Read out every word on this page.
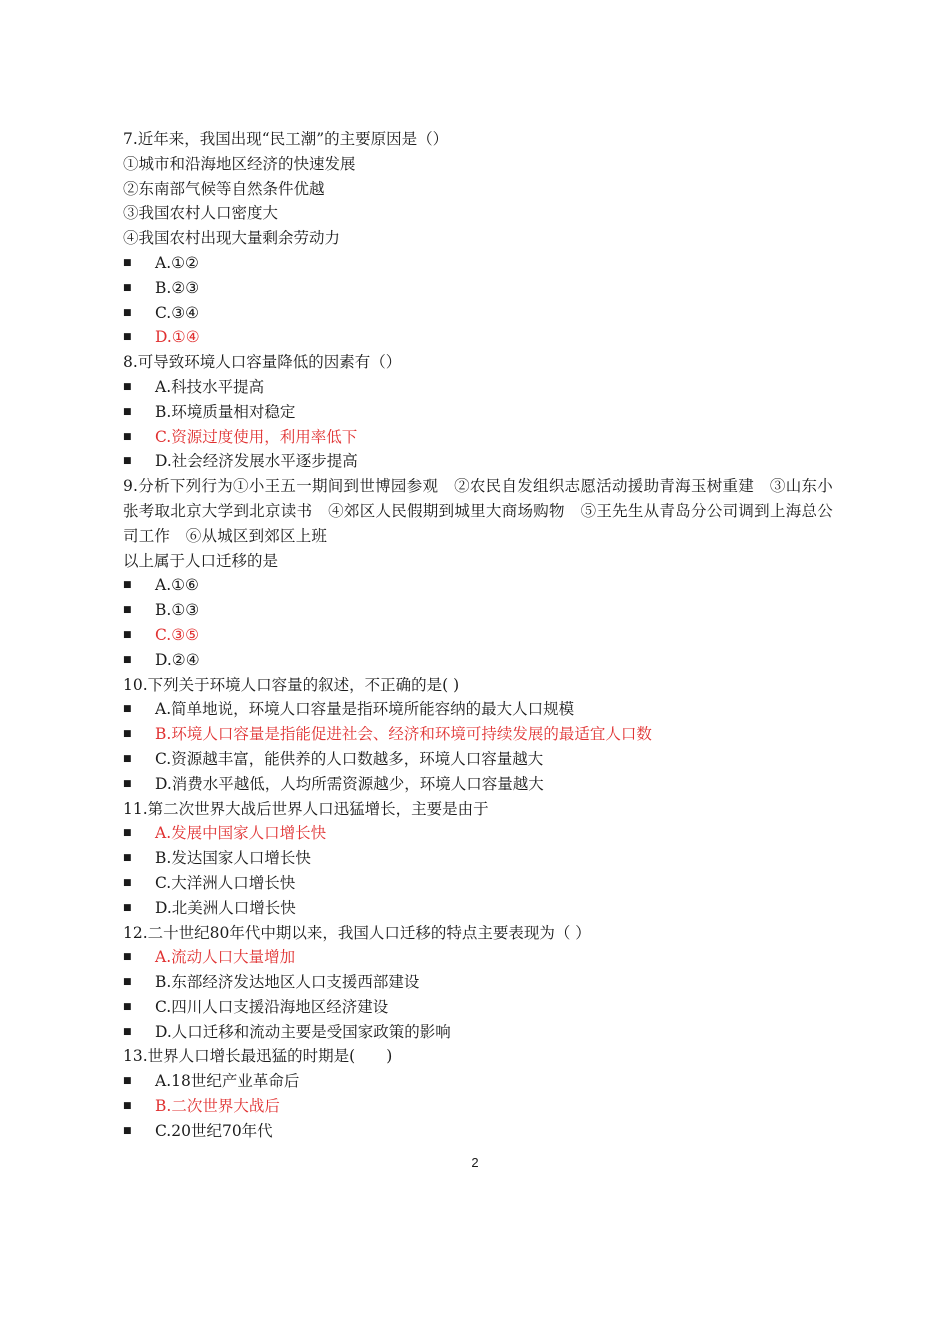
7.近年来，我国出现“民工潮”的主要原因是（）
①城市和沿海地区经济的快速发展
②东南部气候等自然条件优越
③我国农村人口密度大
④我国农村出现大量剩余劳动力
■	A.①②
■	B.②③
■	C.③④
■	D.①④
8.可导致环境人口容量降低的因素有（）
■	A.科技水平提高
■	B.环境质量相对稳定
■	C.资源过度使用，利用率低下
■	D.社会经济发展水平逐步提高
9.分析下列行为①小王五一期间到世博园参观　②农民自发组织志愿活动援助青海玉树重建　③山东小张考取北京大学到北京读书　④郊区人民假期到城里大商场购物　⑤王先生从青岛分公司调到上海总公司工作　⑥从城区到郊区上班
以上属于人口迁移的是
■	A.①⑥
■	B.①③
■	C.③⑤
■	D.②④
10.下列关于环境人口容量的叙述，不正确的是( )
■	A.简单地说，环境人口容量是指环境所能容纳的最大人口规模
■	B.环境人口容量是指能促进社会、经济和环境可持续发展的最适宜人口数
■	C.资源越丰富，能供养的人口数越多，环境人口容量越大
■	D.消费水平越低，人均所需资源越少，环境人口容量越大
11.第二次世界大战后世界人口迅猛增长，主要是由于
■	A.发展中国家人口增长快
■	B.发达国家人口增长快
■	C.大洋洲人口增长快
■	D.北美洲人口增长快
12.二十世纪80年代中期以来，我国人口迁移的特点主要表现为（ ）
■	A.流动人口大量增加
■	B.东部经济发达地区人口支援西部建设
■	C.四川人口支援沿海地区经济建设
■	D.人口迁移和流动主要是受国家政策的影响
13.世界人口增长最迅猛的时期是(　　)
■	A.18世纪产业革命后
■	B.二次世界大战后
■	C.20世纪70年代
2
